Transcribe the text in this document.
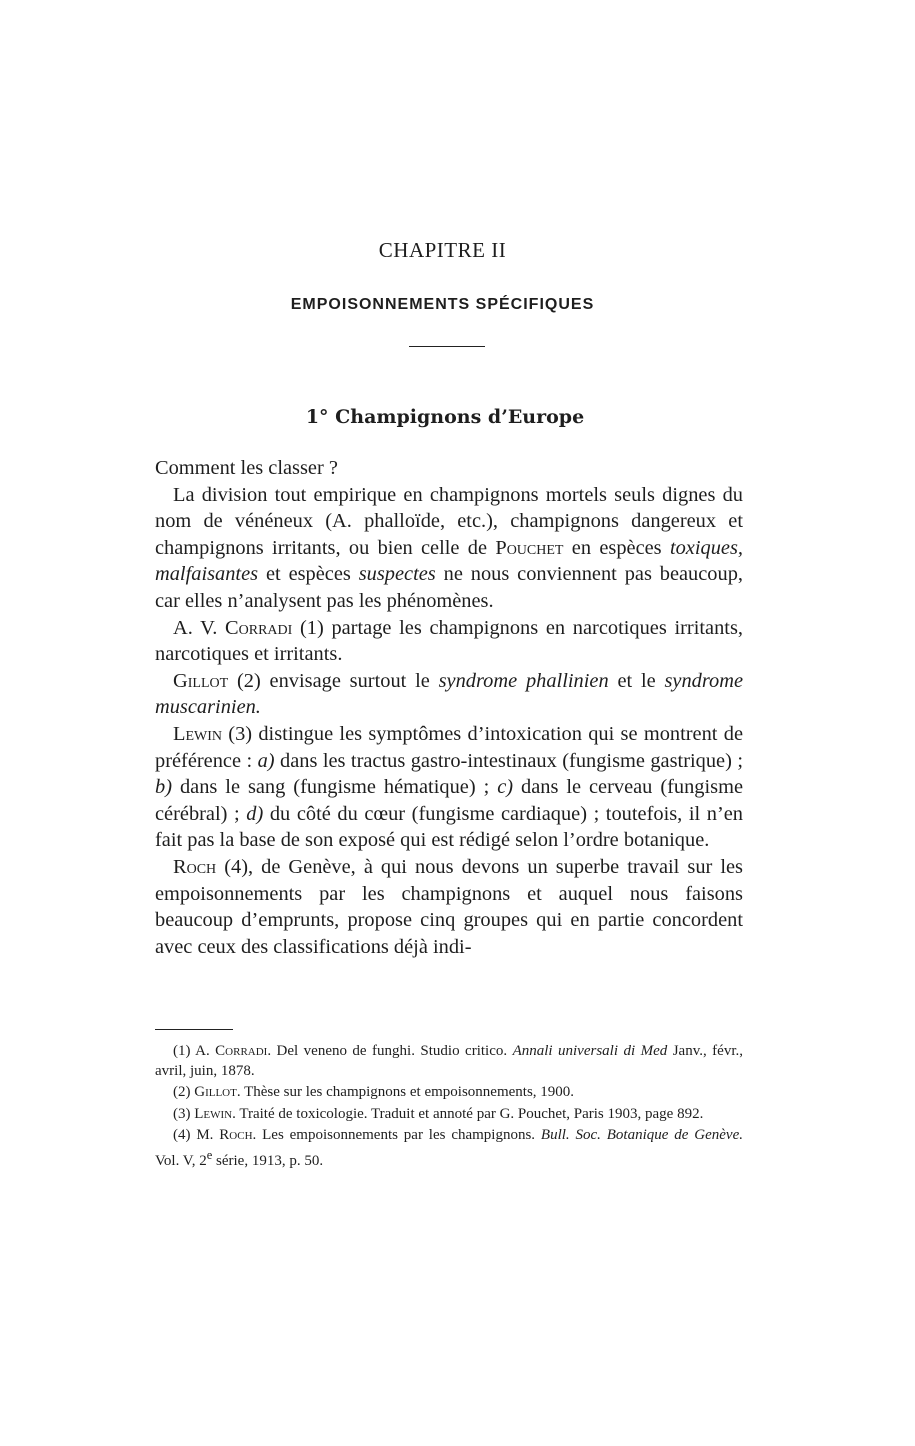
CHAPITRE II
EMPOISONNEMENTS SPÉCIFIQUES
1° Champignons d’Europe

Comment les classer ?

La division tout empirique en champignons mortels seuls dignes du nom de vénéneux (A. phalloïde, etc.), champignons dangereux et champignons irritants, ou bien celle de Pouchet en espèces toxiques, malfaisantes et espèces suspectes ne nous conviennent pas beaucoup, car elles n’analysent pas les phénomènes.

A. V. Corradi (1) partage les champignons en narcotiques irritants, narcotiques et irritants.

Gillot (2) envisage surtout le syndrome phallinien et le syndrome muscarinien.

Lewin (3) distingue les symptômes d’intoxication qui se montrent de préférence : a) dans les tractus gastro-intestinaux (fungisme gastrique) ; b) dans le sang (fungisme hématique) ; c) dans le cerveau (fungisme cérébral) ; d) du côté du cœur (fungisme cardiaque) ; toutefois, il n’en fait pas la base de son exposé qui est rédigé selon l’ordre botanique.

Roch (4), de Genève, à qui nous devons un superbe travail sur les empoisonnements par les champignons et auquel nous faisons beaucoup d’emprunts, propose cinq groupes qui en partie concordent avec ceux des classifications déjà indi-

(1) A. Corradi. Del veneno de funghi. Studio critico. Annali universali di Med Janv., févr., avril, juin, 1878.

(2) Gillot. Thèse sur les champignons et empoisonnements, 1900.

(3) Lewin. Traité de toxicologie. Traduit et annoté par G. Pouchet, Paris 1903, page 892.

(4) M. Roch. Les empoisonnements par les champignons. Bull. Soc. Botanique de Genève. Vol. V, 2e série, 1913, p. 50.
